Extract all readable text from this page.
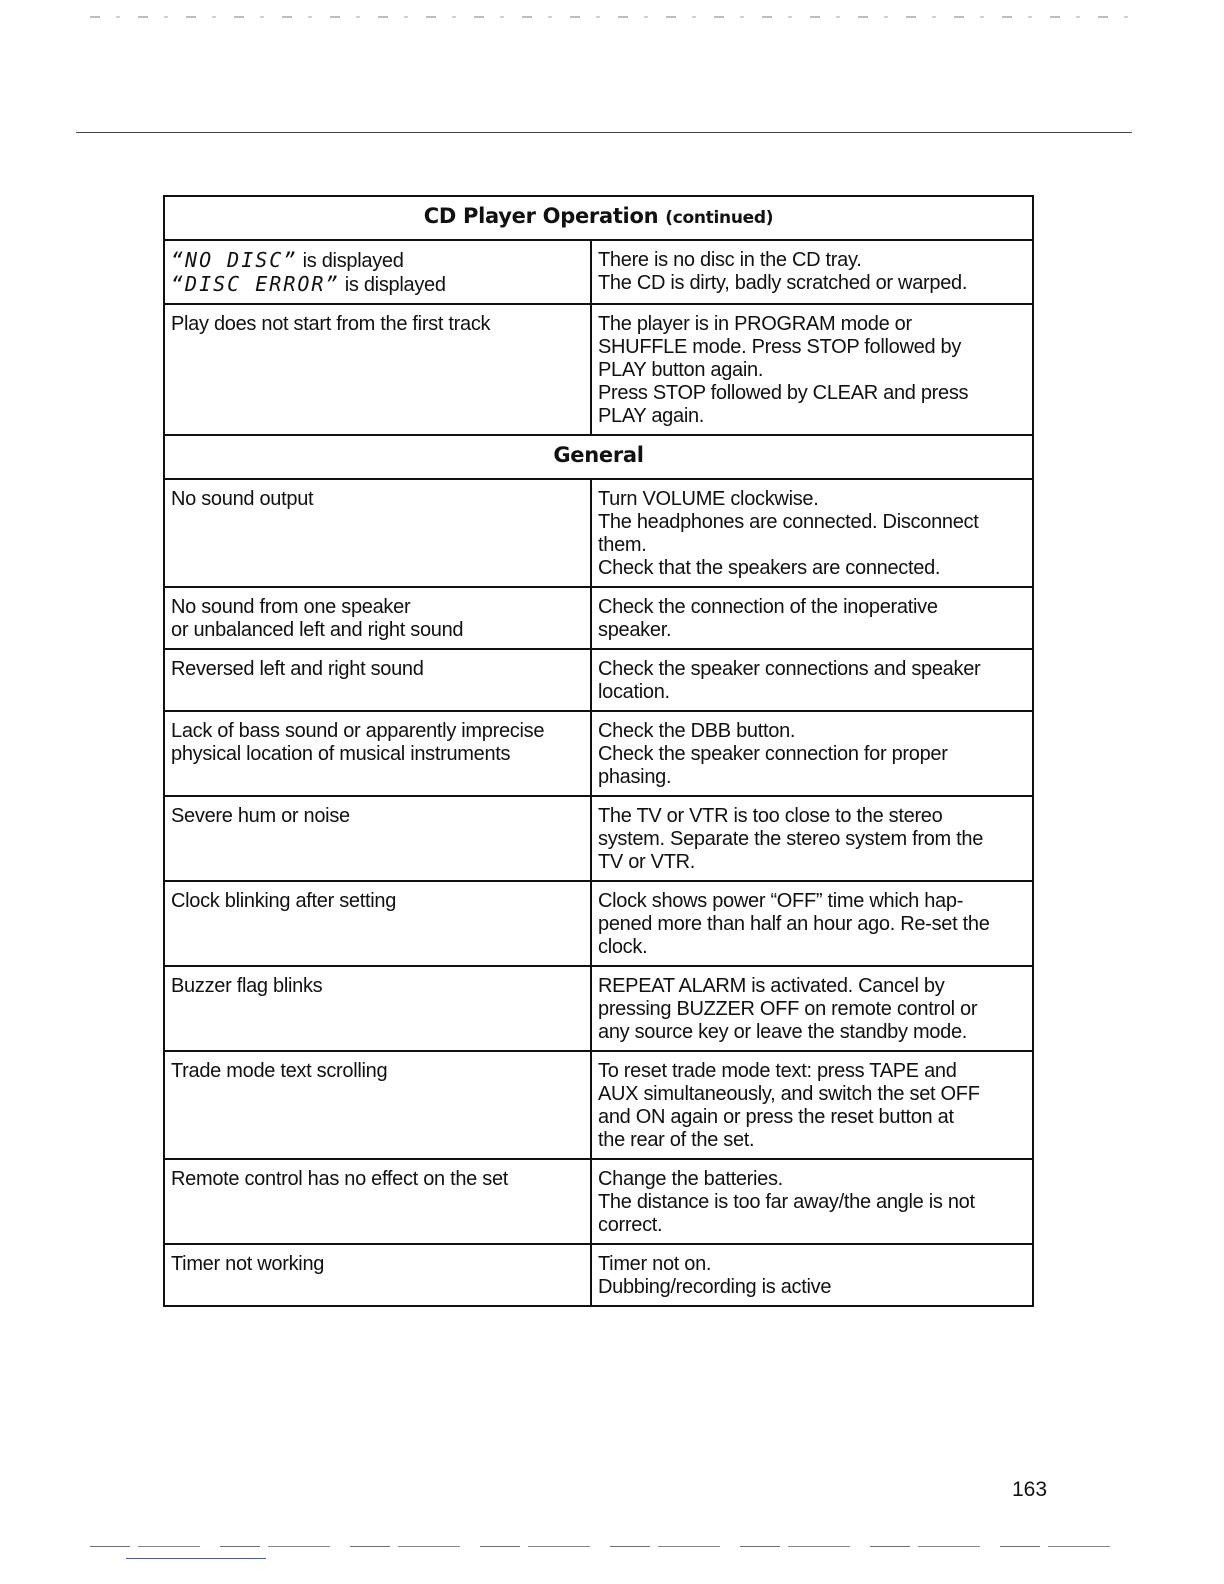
CD Player Operation (continued)	

“NO DISC” is displayed
“DISC ERROR” is displayed	There is no disc in the CD tray.
The CD is dirty, badly scratched or warped.

Play does not start from the first track	The player is in PROGRAM mode or
SHUFFLE mode. Press STOP followed by
PLAY button again.
Press STOP followed by CLEAR and press
PLAY again.

General	

No sound output	Turn VOLUME clockwise.
The headphones are connected. Disconnect
them.
Check that the speakers are connected.

No sound from one speaker
or unbalanced left and right sound	Check the connection of the inoperative
speaker.

Reversed left and right sound	Check the speaker connections and speaker
location.

Lack of bass sound or apparently imprecise
physical location of musical instruments	Check the DBB button.
Check the speaker connection for proper
phasing.

Severe hum or noise	The TV or VTR is too close to the stereo
system. Separate the stereo system from the
TV or VTR.

Clock blinking after setting	Clock shows power “OFF” time which hap-
pened more than half an hour ago. Re-set the
clock.

Buzzer flag blinks	REPEAT ALARM is activated. Cancel by
pressing BUZZER OFF on remote control or
any source key or leave the standby mode.

Trade mode text scrolling	To reset trade mode text: press TAPE and
AUX simultaneously, and switch the set OFF
and ON again or press the reset button at
the rear of the set.

Remote control has no effect on the set	Change the batteries.
The distance is too far away/the angle is not
correct.

Timer not working	Timer not on.
Dubbing/recording is active
163
